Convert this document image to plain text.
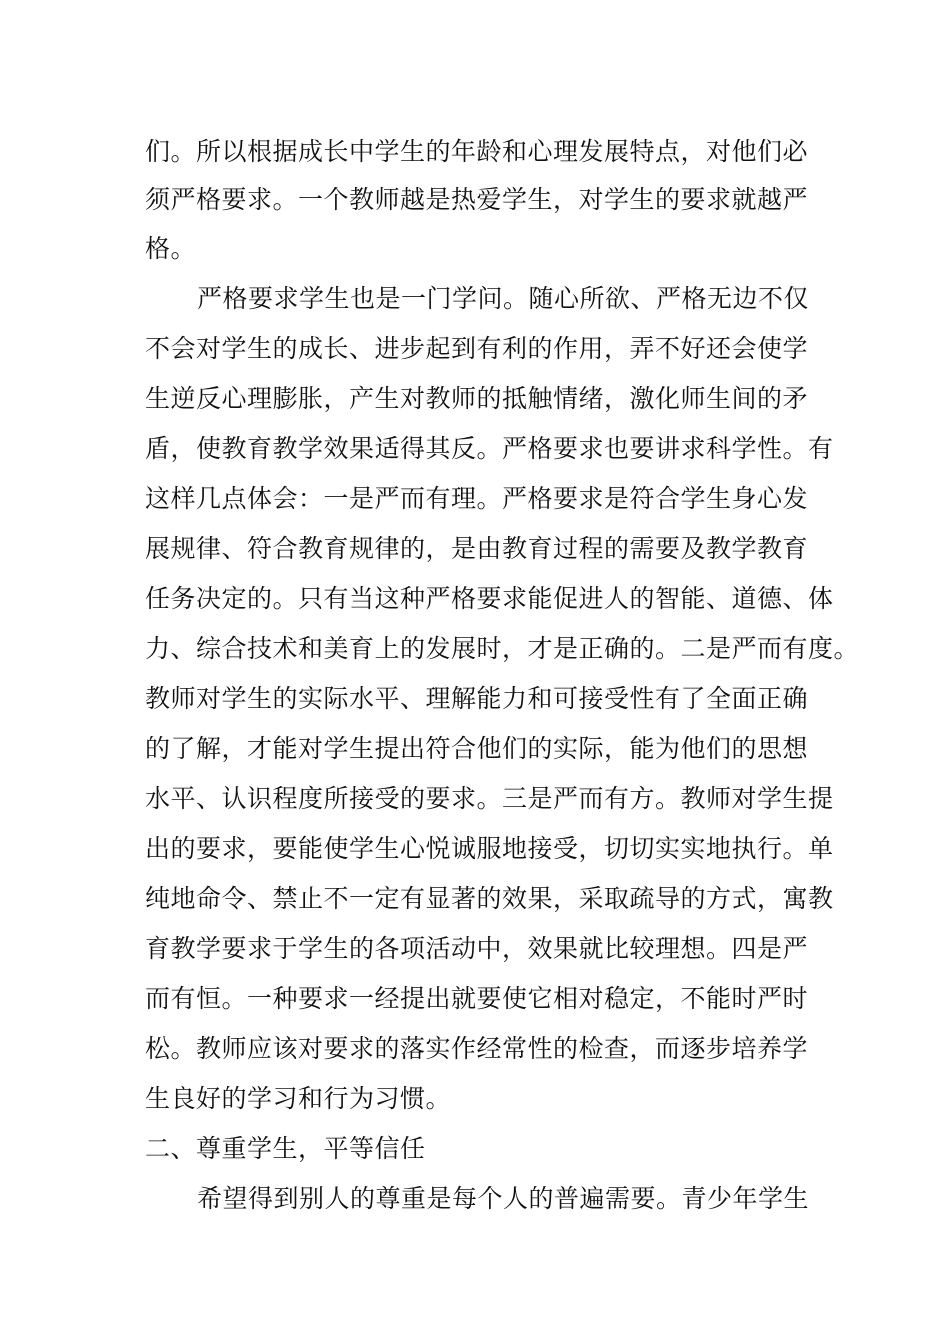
们。所以根据成长中学生的年龄和心理发展特点，对他们必
须严格要求。一个教师越是热爱学生，对学生的要求就越严
格。
严格要求学生也是一门学问。随心所欲、严格无边不仅
不会对学生的成长、进步起到有利的作用，弄不好还会使学
生逆反心理膨胀，产生对教师的抵触情绪，激化师生间的矛
盾，使教育教学效果适得其反。严格要求也要讲求科学性。有
这样几点体会：一是严而有理。严格要求是符合学生身心发
展规律、符合教育规律的，是由教育过程的需要及教学教育
任务决定的。只有当这种严格要求能促进人的智能、道德、体
力、综合技术和美育上的发展时，才是正确的。二是严而有度。
教师对学生的实际水平、理解能力和可接受性有了全面正确
的了解，才能对学生提出符合他们的实际，能为他们的思想
水平、认识程度所接受的要求。三是严而有方。教师对学生提
出的要求，要能使学生心悦诚服地接受，切切实实地执行。单
纯地命令、禁止不一定有显著的效果，采取疏导的方式，寓教
育教学要求于学生的各项活动中，效果就比较理想。四是严
而有恒。一种要求一经提出就要使它相对稳定，不能时严时
松。教师应该对要求的落实作经常性的检查，而逐步培养学
生良好的学习和行为习惯。
二、尊重学生，平等信任
希望得到别人的尊重是每个人的普遍需要。青少年学生
